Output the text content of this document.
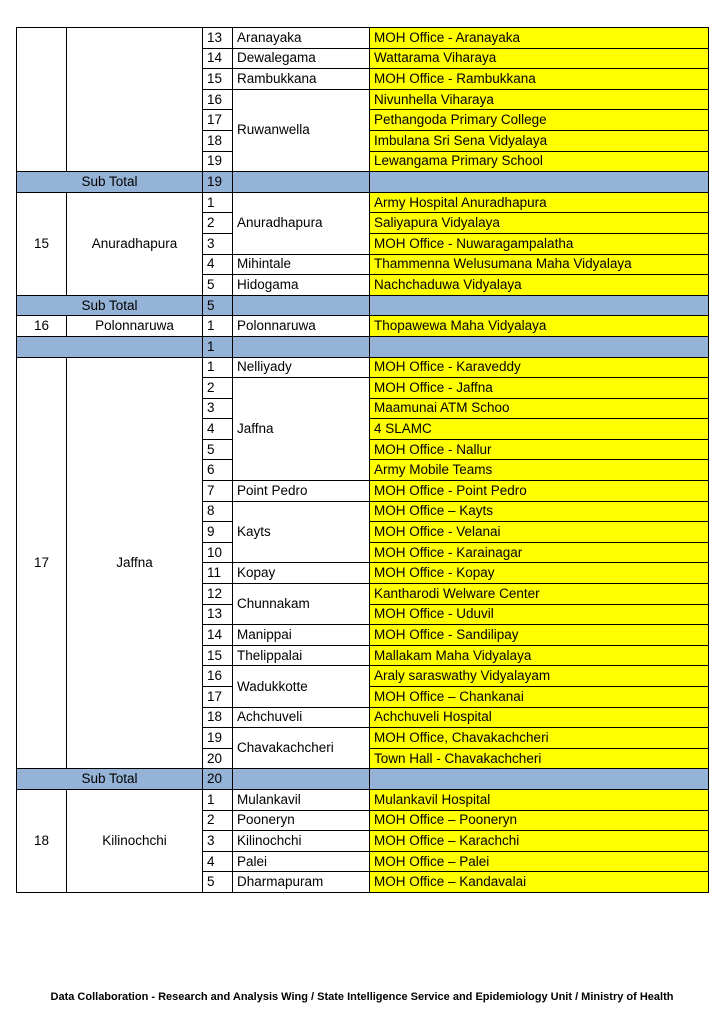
		13	Aranayaka	MOH Office - Aranayaka
		14	Dewalegama	Wattarama Viharaya
		15	Rambukkana	MOH Office - Rambukkana
		16	Ruwanwella	Nivunhella Viharaya
		17		Pethangoda Primary College
		18		Imbulana Sri Sena Vidyalaya
		19		Lewangama Primary School
Sub Total		19		
15	Anuradhapura	1	Anuradhapura	Army Hospital Anuradhapura
		2		Saliyapura Vidyalaya
		3		MOH Office - Nuwaragampalatha
		4	Mihintale	Thammenna Welusumana Maha Vidyalaya
		5	Hidogama	Nachchaduwa Vidyalaya
Sub Total		5		
16	Polonnaruwa	1	Polonnaruwa	Thopawewa Maha Vidyalaya
		1		
17	Jaffna	1	Nelliyady	MOH Office - Karaveddy
		2	Jaffna	MOH Office - Jaffna
		3		Maamunai ATM Schoo
		4		4 SLAMC
		5		MOH Office - Nallur
		6		Army Mobile Teams
		7	Point Pedro	MOH Office - Point Pedro
		8	Kayts	MOH Office – Kayts
		9		MOH Office - Velanai
		10		MOH Office - Karainagar
		11	Kopay	MOH Office - Kopay
		12	Chunnakam	Kantharodi Welware Center
		13		MOH Office - Uduvil
		14	Manippai	MOH Office - Sandilipay
		15	Thelippalai	Mallakam Maha Vidyalaya
		16	Wadukkotte	Araly saraswathy Vidyalayam
		17		MOH Office – Chankanai
		18	Achchuveli	Achchuveli Hospital
		19	Chavakachcheri	MOH Office, Chavakachcheri
		20		Town Hall - Chavakachcheri
Sub Total		20		
18	Kilinochchi	1	Mulankavil	Mulankavil Hospital
		2	Pooneryn	MOH Office – Pooneryn
		3	Kilinochchi	MOH Office – Karachchi
		4	Palei	MOH Office – Palei
		5	Dharmapuram	MOH Office – Kandavalai
Data Collaboration - Research and Analysis Wing / State Intelligence Service and Epidemiology Unit / Ministry of Health
